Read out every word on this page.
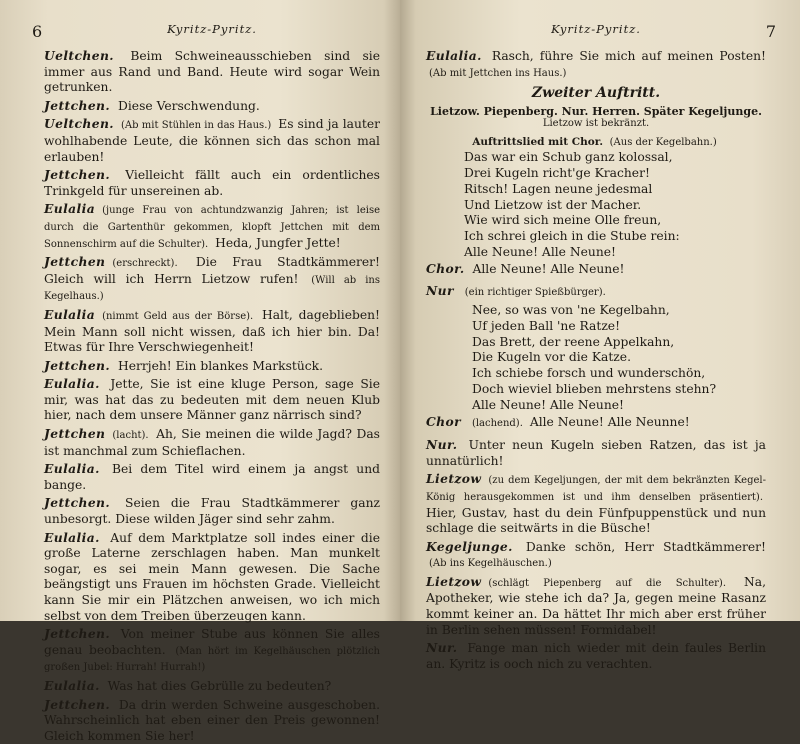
6	Kyritz-Pyritz.

Ueltchen. Beim Schweineausschieben sind sie immer aus Rand und Band. Heute wird sogar Wein getrunken.

Jettchen. Diese Verschwendung.

Ueltchen. (Ab mit Stühlen in das Haus.) Es sind ja lauter wohlhabende Leute, die können sich das schon mal erlauben!

Jettchen. Vielleicht fällt auch ein ordentliches Trinkgeld für unsereinen ab.

Eulalia (junge Frau von achtundzwanzig Jahren; ist leise durch die Gartenthür gekommen, klopft Jettchen mit dem Sonnenschirm auf die Schulter). Heda, Jungfer Jette!

Jettchen (erschreckt). Die Frau Stadtkämmerer! Gleich will ich Herrn Lietzow rufen! (Will ab ins Kegelhaus.)

Eulalia (nimmt Geld aus der Börse). Halt, dageblieben! Mein Mann soll nicht wissen, daß ich hier bin. Da! Etwas für Ihre Verschwiegenheit!

Jettchen. Herrjeh! Ein blankes Markstück.

Eulalia. Jette, Sie ist eine kluge Person, sage Sie mir, was hat das zu bedeuten mit dem neuen Klub hier, nach dem unsere Männer ganz närrisch sind?

Jettchen (lacht). Ah, Sie meinen die wilde Jagd? Das ist manchmal zum Schieflachen.

Eulalia. Bei dem Titel wird einem ja angst und bange.

Jettchen. Seien die Frau Stadtkämmerer ganz unbesorgt. Diese wilden Jäger sind sehr zahm.

Eulalia. Auf dem Marktplatze soll indes einer die große Laterne zerschlagen haben. Man munkelt sogar, es sei mein Mann gewesen. Die Sache beängstigt uns Frauen im höchsten Grade. Vielleicht kann Sie mir ein Plätzchen anweisen, wo ich mich selbst von dem Treiben überzeugen kann.

Jettchen. Von meiner Stube aus können Sie alles genau beobachten. (Man hört im Kegelhäuschen plötzlich großen Jubel: Hurrah! Hurrah!)

Eulalia. Was hat dies Gebrülle zu bedeuten?

Jettchen. Da drin werden Schweine ausgeschoben. Wahrscheinlich hat eben einer den Preis gewonnen! Gleich kommen Sie her!

Kyritz-Pyritz.	7

Eulalia. Rasch, führe Sie mich auf meinen Posten! (Ab mit Jettchen ins Haus.)

Zweiter Auftritt.

Lietzow. Piepenberg. Nur. Herren. Später Kegeljunge.

Lietzow ist bekränzt.

Auftrittslied mit Chor. (Aus der Kegelbahn.)

Das war ein Schub ganz kolossal,
Drei Kugeln richt'ge Kracher!
Ritsch! Lagen neune jedesmal
Und Lietzow ist der Macher.
Wie wird sich meine Olle freun,
Ich schrei gleich in die Stube rein:
Alle Neune! Alle Neune!

Chor. Alle Neune! Alle Neune!

Nur (ein richtiger Spießbürger).

Nee, so was von 'ne Kegelbahn,
Uf jeden Ball 'ne Ratze!
Das Brett, der reene Appelkahn,
Die Kugeln vor die Katze.
Ich schiebe forsch und wunderschön,
Doch wieviel blieben mehrstens stehn?
Alle Neune! Alle Neune!

Chor (lachend). Alle Neune! Alle Neunne!

Nur. Unter neun Kugeln sieben Ratzen, das ist ja unnatürlich!

Lietzow (zu dem Kegeljungen, der mit dem bekränzten Kegel-König herausgekommen ist und ihm denselben präsentiert). Hier, Gustav, hast du dein Fünfpuppenstück und nun schlage die seitwärts in die Büsche!

Kegeljunge. Danke schön, Herr Stadtkämmerer! (Ab ins Kegelhäuschen.)

Lietzow (schlägt Piepenberg auf die Schulter). Na, Apotheker, wie stehe ich da? Ja, gegen meine Rasanz kommt keiner an. Da hättet Ihr mich aber erst früher in Berlin sehen müssen! Formidabel!

Nur. Fange man nich wieder mit dein faules Berlin an. Kyritz is ooch nich zu verachten.
